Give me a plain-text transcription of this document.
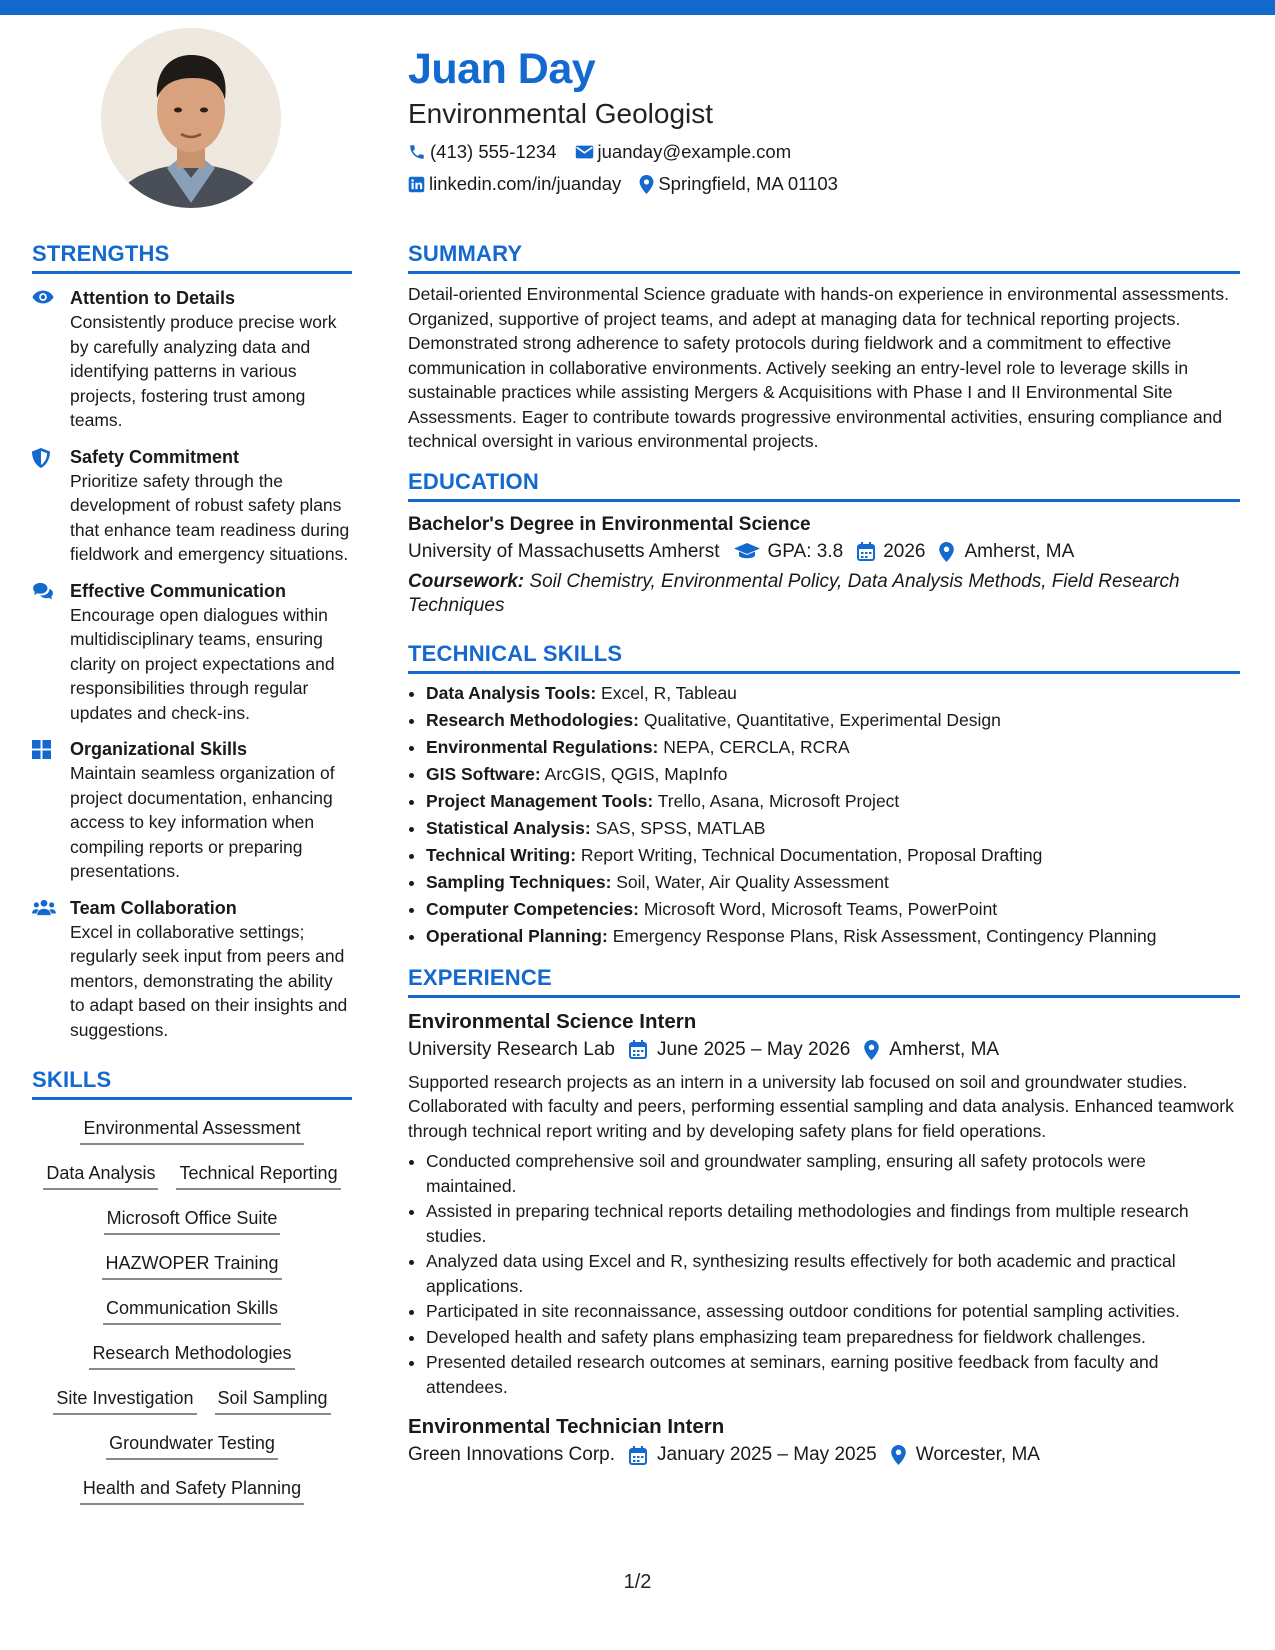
Juan Day
Environmental Geologist
(413) 555-1234 juanday@example.com
linkedin.com/in/juanday Springfield, MA 01103
STRENGTHS
Attention to Details
Consistently produce precise work by carefully analyzing data and identifying patterns in various projects, fostering trust among teams.
Safety Commitment
Prioritize safety through the development of robust safety plans that enhance team readiness during fieldwork and emergency situations.
Effective Communication
Encourage open dialogues within multidisciplinary teams, ensuring clarity on project expectations and responsibilities through regular updates and check-ins.
Organizational Skills
Maintain seamless organization of project documentation, enhancing access to key information when compiling reports or preparing presentations.
Team Collaboration
Excel in collaborative settings; regularly seek input from peers and mentors, demonstrating the ability to adapt based on their insights and suggestions.
SKILLS
Environmental Assessment
Data Analysis Technical Reporting
Microsoft Office Suite
HAZWOPER Training
Communication Skills
Research Methodologies
Site Investigation Soil Sampling
Groundwater Testing
Health and Safety Planning
SUMMARY
Detail-oriented Environmental Science graduate with hands-on experience in environmental assessments. Organized, supportive of project teams, and adept at managing data for technical reporting projects. Demonstrated strong adherence to safety protocols during fieldwork and a commitment to effective communication in collaborative environments. Actively seeking an entry-level role to leverage skills in sustainable practices while assisting Mergers & Acquisitions with Phase I and II Environmental Site Assessments. Eager to contribute towards progressive environmental activities, ensuring compliance and technical oversight in various environmental projects.
EDUCATION
Bachelor's Degree in Environmental Science
University of Massachusetts Amherst	GPA: 3.8 2026 Amherst, MA
Coursework: Soil Chemistry, Environmental Policy, Data Analysis Methods, Field Research Techniques
TECHNICAL SKILLS
• Data Analysis Tools: Excel, R, Tableau
• Research Methodologies: Qualitative, Quantitative, Experimental Design
• Environmental Regulations: NEPA, CERCLA, RCRA
• GIS Software: ArcGIS, QGIS, MapInfo
• Project Management Tools: Trello, Asana, Microsoft Project
• Statistical Analysis: SAS, SPSS, MATLAB
• Technical Writing: Report Writing, Technical Documentation, Proposal Drafting
• Sampling Techniques: Soil, Water, Air Quality Assessment
• Computer Competencies: Microsoft Word, Microsoft Teams, PowerPoint
• Operational Planning: Emergency Response Plans, Risk Assessment, Contingency Planning
EXPERIENCE
Environmental Science Intern
University Research Lab June 2025 – May 2026 Amherst, MA
Supported research projects as an intern in a university lab focused on soil and groundwater studies. Collaborated with faculty and peers, performing essential sampling and data analysis. Enhanced teamwork through technical report writing and by developing safety plans for field operations.
• Conducted comprehensive soil and groundwater sampling, ensuring all safety protocols were maintained.
• Assisted in preparing technical reports detailing methodologies and findings from multiple research studies.
• Analyzed data using Excel and R, synthesizing results effectively for both academic and practical applications.
• Participated in site reconnaissance, assessing outdoor conditions for potential sampling activities.
• Developed health and safety plans emphasizing team preparedness for fieldwork challenges.
• Presented detailed research outcomes at seminars, earning positive feedback from faculty and attendees.
Environmental Technician Intern
Green Innovations Corp. January 2025 – May 2025 Worcester, MA
1/2
